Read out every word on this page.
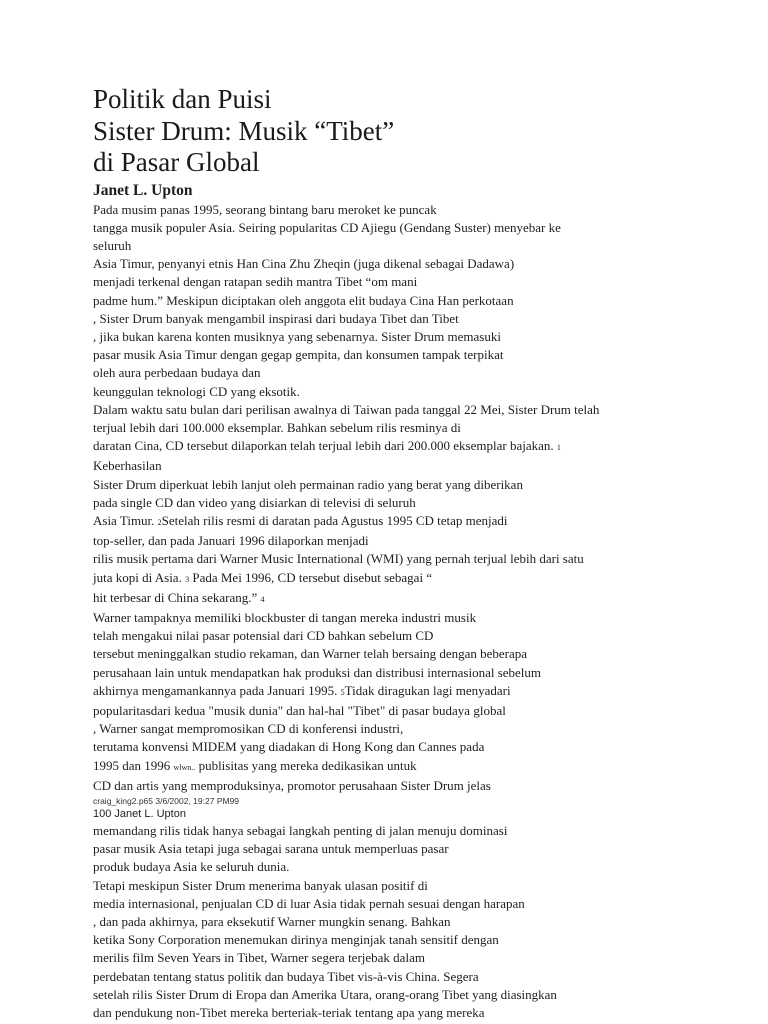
Politik dan Puisi
Sister Drum: Musik “Tibet”
di Pasar Global
Janet L. Upton
Pada musim panas 1995, seorang bintang baru meroket ke puncak
tangga musik populer Asia. Seiring popularitas CD Ajiegu (Gendang Suster) menyebar ke
seluruh
Asia Timur, penyanyi etnis Han Cina Zhu Zheqin (juga dikenal sebagai Dadawa)
menjadi terkenal dengan ratapan sedih mantra Tibet “om mani
padme hum.” Meskipun diciptakan oleh anggota elit budaya Cina Han perkotaan
, Sister Drum banyak mengambil inspirasi dari budaya Tibet dan Tibet
, jika bukan karena konten musiknya yang sebenarnya. Sister Drum memasuki
pasar musik Asia Timur dengan gegap gempita, dan konsumen tampak terpikat
oleh aura perbedaan budaya dan
keunggulan teknologi CD yang eksotik.
Dalam waktu satu bulan dari perilisan awalnya di Taiwan pada tanggal 22 Mei, Sister Drum telah
terjual lebih dari 100.000 eksemplar. Bahkan sebelum rilis resminya di
daratan Cina, CD tersebut dilaporkan telah terjual lebih dari 200.000 eksemplar bajakan. 1
Keberhasilan
Sister Drum diperkuat lebih lanjut oleh permainan radio yang berat yang diberikan
pada single CD dan video yang disiarkan di televisi di seluruh
Asia Timur. 2Setelah rilis resmi di daratan pada Agustus 1995 CD tetap menjadi
top-seller, dan pada Januari 1996 dilaporkan menjadi
rilis musik pertama dari Warner Music International (WMI) yang pernah terjual lebih dari satu
juta kopi di Asia. 3 Pada Mei 1996, CD tersebut disebut sebagai “
hit terbesar di China sekarang.” 4
Warner tampaknya memiliki blockbuster di tangan mereka industri musik
telah mengakui nilai pasar potensial dari CD bahkan sebelum CD
tersebut meninggalkan studio rekaman, dan Warner telah bersaing dengan beberapa
perusahaan lain untuk mendapatkan hak produksi dan distribusi internasional sebelum
akhirnya mengamankannya pada Januari 1995. 5Tidak diragukan lagi menyadari
popularitasdari kedua "musik dunia" dan hal-hal "Tibet" di pasar budaya global
, Warner sangat mempromosikan CD di konferensi industri,
terutama konvensi MIDEM yang diadakan di Hong Kong dan Cannes pada
1995 dan 1996 wlwn.. publisitas yang mereka dedikasikan untuk
CD dan artis yang memproduksinya, promotor perusahaan Sister Drum jelas
craig_king2.p65 3/6/2002, 19:27 PM99
100 Janet L. Upton
memandang rilis tidak hanya sebagai langkah penting di jalan menuju dominasi
pasar musik Asia tetapi juga sebagai sarana untuk memperluas pasar
produk budaya Asia ke seluruh dunia.
Tetapi meskipun Sister Drum menerima banyak ulasan positif di
media internasional, penjualan CD di luar Asia tidak pernah sesuai dengan harapan
, dan pada akhirnya, para eksekutif Warner mungkin senang. Bahkan
ketika Sony Corporation menemukan dirinya menginjak tanah sensitif dengan
merilis film Seven Years in Tibet, Warner segera terjebak dalam
perdebatan tentang status politik dan budaya Tibet vis-à-vis China. Segera
setelah rilis Sister Drum di Eropa dan Amerika Utara, orang-orang Tibet yang diasingkan
dan pendukung non-Tibet mereka berteriak-teriak tentang apa yang mereka
